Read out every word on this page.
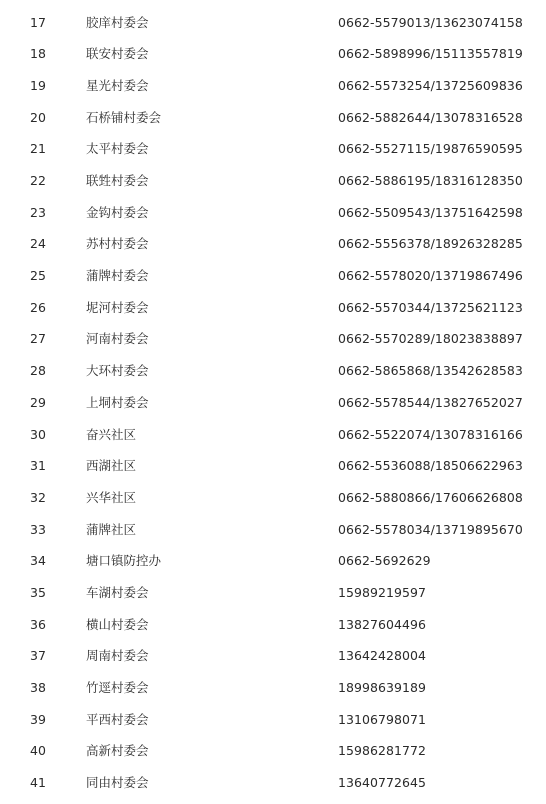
17	胶庠村委会	0662-5579013/13623074158
18	联安村委会	0662-5898996/15113557819
19	星光村委会	0662-5573254/13725609836
20	石桥铺村委会	0662-5882644/13078316528
21	太平村委会	0662-5527115/19876590595
22	联甡村委会	0662-5886195/18316128350
23	金钩村委会	0662-5509543/13751642598
24	苏村村委会	0662-5556378/18926328285
25	蒲牌村委会	0662-5578020/13719867496
26	坭河村委会	0662-5570344/13725621123
27	河南村委会	0662-5570289/18023838897
28	大环村委会	0662-5865868/13542628583
29	上垌村委会	0662-5578544/13827652027
30	奋兴社区	0662-5522074/13078316166
31	西湖社区	0662-5536088/18506622963
32	兴华社区	0662-5880866/17606626808
33	蒲牌社区	0662-5578034/13719895670
34	塘口镇防控办	0662-5692629
35	车湖村委会	15989219597
36	横山村委会	13827604496
37	周南村委会	13642428004
38	竹逕村委会	18998639189
39	平西村委会	13106798071
40	高新村委会	15986281772
41	同由村委会	13640772645
